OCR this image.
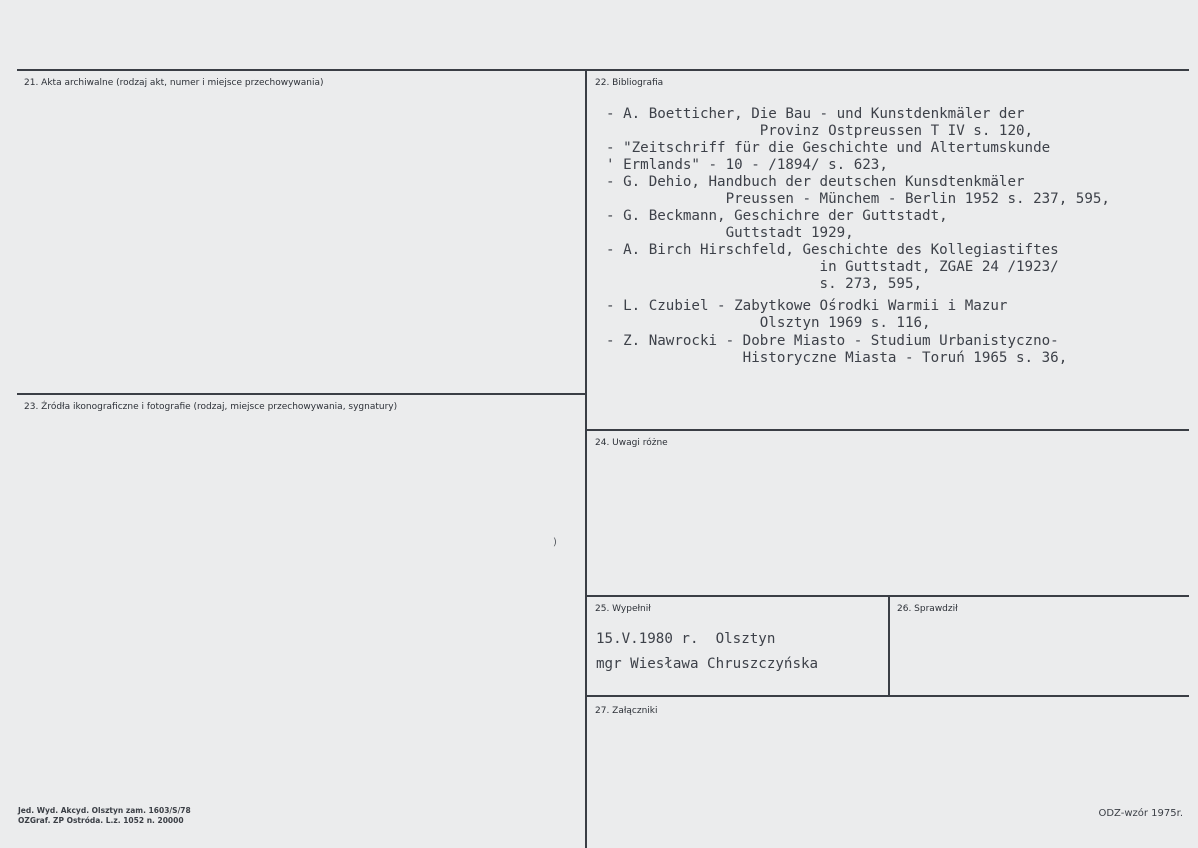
21. Akta archiwalne (rodzaj akt, numer i miejsce przechowywania)	22. Bibliografia
23. Źródła ikonograficzne i fotografie (rodzaj, miejsce przechowywania, sygnatury)
24. Uwagi różne
25. Wypełnił	26. Sprawdził
27. Załączniki
- A. Boetticher, Die Bau - und Kunstdenkmäler der
Provinz Ostpreussen T IV s. 120,
- "Zeitschriff für die Geschichte und Altertumskunde
' Ermlands" - 10 - /1894/ s. 623,
- G. Dehio, Handbuch der deutschen Kunsdtenkmäler
Preussen - Münchem - Berlin 1952 s. 237, 595,
- G. Beckmann, Geschichre der Guttstadt,
Guttstadt 1929,
- A. Birch Hirschfeld, Geschichte des Kollegiastiftes
in Guttstadt, ZGAE 24 /1923/
s. 273, 595,
- L. Czubiel - Zabytkowe Ośrodki Warmii i Mazur
Olsztyn 1969 s. 116,
- Z. Nawrocki - Dobre Miasto - Studium Urbanistyczno-
Historyczne Miasta - Toruń 1965 s. 36,
15.V.1980 r.  Olsztyn
mgr Wiesława Chruszczyńska
)
Jed. Wyd. Akcyd. Olsztyn zam. 1603/S/78
OZGraf. ZP Ostróda. L.z. 1052 n. 20000
ODZ-wzór 1975r.
